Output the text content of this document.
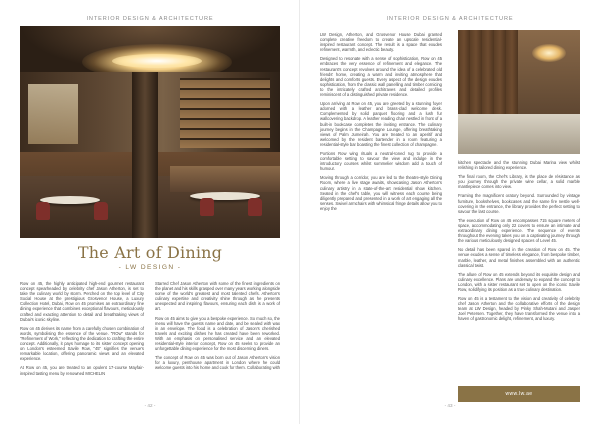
INTERIOR DESIGN & ARCHITECTURE
The Art of Dining
- LW DESIGN -

Row on 45, the highly anticipated high-end gourmet restaurant concept spearheaded by celebrity chef Jason Atherton, is set to take the culinary world by storm. Perched on the top level of City Social House at the prestigious Grosvenor House, a Luxury Collection Hotel, Dubai, Row on 45 promises an extraordinary fine dining experience that combines exceptional flavours, meticulously crafted and exacting attention to detail and breathtaking views of Dubai's iconic skyline.

Row on 45 derives its name from a carefully chosen combination of words, symbolising the essence of the venue. "ROw" stands for "Refinement of Work," reflecting the dedication to crafting the entire concept. Additionally, it pays homage to its sister concept opening on London's esteemed Savile Row, "45" signifies the venue's remarkable location, offering panoramic views and an elevated experience.

At Row on 45, you are treated to an opulent 17-course Mayfair-inspired tasting menu by renowned MICHELIN

Starred Chef Jason Atherton with some of the finest ingredients on the planet and his skills grasped over many years working alongside some of the world's greatest and most talented chefs. Atherton's culinary expertise and creativity shine through as he presents unexpected and inspiring flavours, ensuring each dish is a work of art.

Row on 45 aims to give you a bespoke experience. So much so, the menu will have the guests name and date, and be sealed with wax in an envelope. The food is a celebration of Jason's cherished travels and exciting dishes he has created have been reworked. With an emphasis on personalised service and an elevated residential-style interior concept, Row on 45 seeks to provide an unforgettable dining experience for the most discerning diners.

The concept of Row on 45 was born out of Jason Atherton's vision for a luxury, penthouse apartment in London where he could welcome guests into his home and cook for them. Collaborating with

- 42 -
INTERIOR DESIGN & ARCHITECTURE

LW Design, Atherton, and Grosvenor House Dubai granted complete creative freedom to create an upscale residential-inspired restaurant concept. The result is a space that exudes refinement, warmth, and eclectic beauty.

Designed to resonate with a sense of sophistication, Row on 45 embraces the very essence of refinement and elegance. The restaurant's concept revolves around the idea of a celebrated old friends' home, creating a warm and inviting atmosphere that delights and comforts guests. Every aspect of the design exudes sophistication, from the classic wall panelling and timber cornicing to the intricately crafted architraves and detailed profiles reminiscent of a distinguished private residence.

Upon arriving at Row on 45, you are greeted by a stunning foyer adorned with a leather and brass-clad welcome desk. Complemented by solid parquet flooring and a lush fur wallcovering backdrop. A leather reading chair nestled in front of a built-in bookcase completes the inviting entrance. The culinary journey begins in the Champagne Lounge, offering breathtaking views of Palm Jumeirah. You are treated to an aperitif and welcomed by the resident bartender in a room featuring a residential-style bar boasting the finest collection of champagne.

Portions Row wing rituals a neutral-toned rug to provide a comfortable setting to savour the view and indulge in the introductory courses whilst sommelier wisdom add a touch of humour.

Moving through a corridor, you are led to the theatre-style Dining Room, where a live stage awaits, showcasing Jason Atherton's culinary artistry in a state-of-the-art residential show kitchen. Seated in the chef's table, you will witness each course being diligently prepared and presented in a work of art engaging all the senses. Swivel armchairs with whimsical fringe details allow you to enjoy the

kitchen spectacle and the stunning Dubai Marina view whilst relishing in tailored dining experience.

The final room, the Chef's Library, is the place de résistance as you journey through the private wine cellar, a solid marble mantlepiece comes into view.

Framing the magnificent oratory beyond. Surrounded by vintage furniture, bookshelves, bookcases and the same fire nestle well-covering in the entrance, the library provides the perfect setting to savour the last course.

The execution of Row on 45 encompasses 715 square meters of space, accommodating only 22 covers to ensure an intimate and extraordinary dining experience. The sequence of events throughout the evening takes you on a captivating journey through the various meticulously designed spaces of Level 45.

No detail has been spared in the creation of Row on 45. The venue exudes a sense of timeless elegance, from bespoke timber, marble, leather, and metal finishes assembled with an authentic classical twist.

The allure of Row on 45 extends beyond its exquisite design and culinary excellence. Plans are underway to expand the concept to London, with a sister restaurant set to open on the iconic Savile Row, solidifying its position as a true culinary destination.

Row on 45 is a testament to the vision and creativity of celebrity chef Jason Atherton and the collaborative efforts of the design team at LW Design, headed by Pinky Shah-Mutani and Jasper Joel Petersen. Together, they have transformed the venue into a haven of gastronomic delight, refinement, and luxury.

www.lw.ae
- 43 -
